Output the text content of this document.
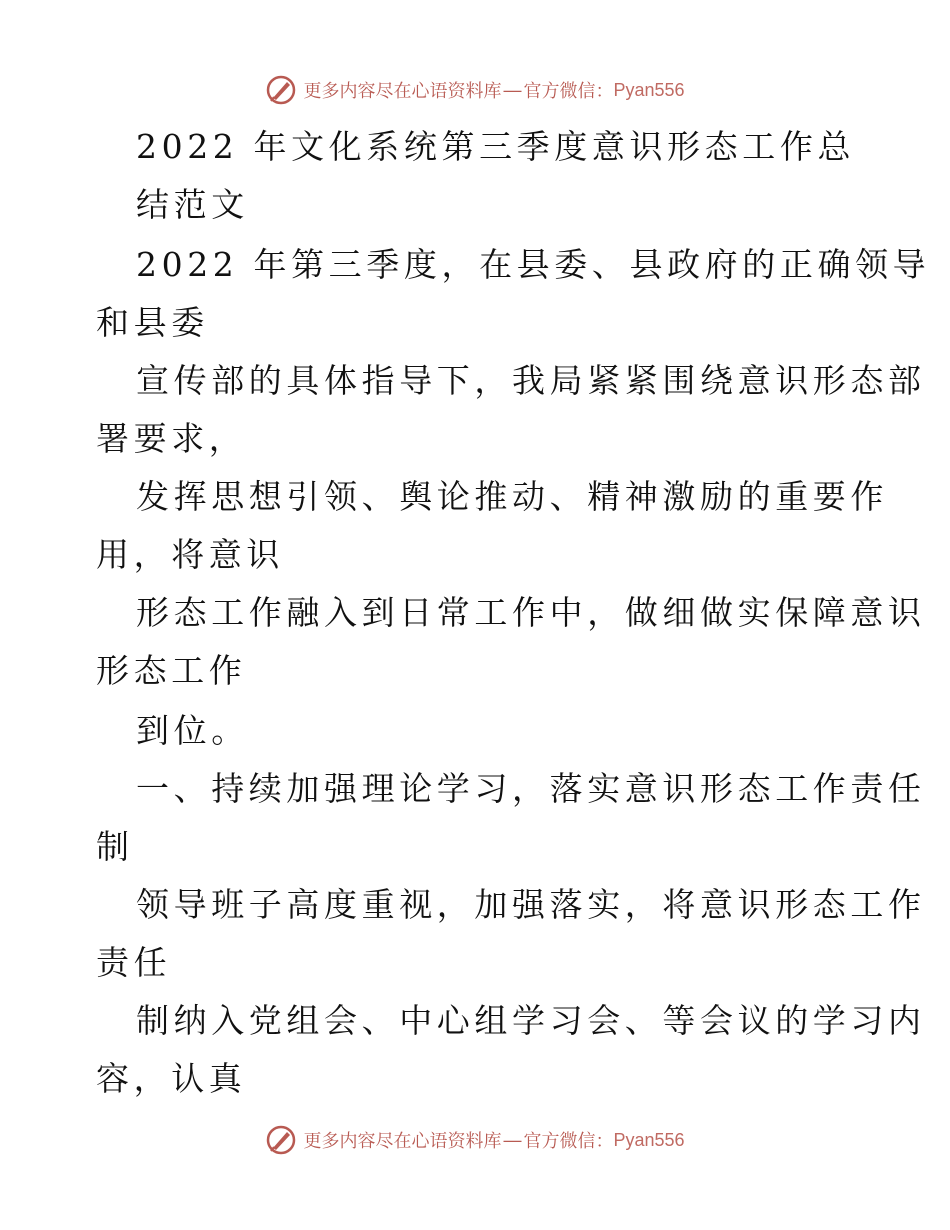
更多内容尽在心语资料库 — 官方微信： Pyan556
2022 年文化系统第三季度意识形态工作总
结范文
2022 年第三季度，在县委、县政府的正确领导
和县委
宣传部的具体指导下，我局紧紧围绕意识形态部
署要求，
发挥思想引领、舆论推动、精神激励的重要作
用，将意识
形态工作融入到日常工作中，做细做实保障意识
形态工作
到位。
一、持续加强理论学习，落实意识形态工作责任
制
领导班子高度重视，加强落实，将意识形态工作
责任
制纳入党组会、中心组学习会、等会议的学习内
容，认真
更多内容尽在心语资料库 — 官方微信： Pyan556
